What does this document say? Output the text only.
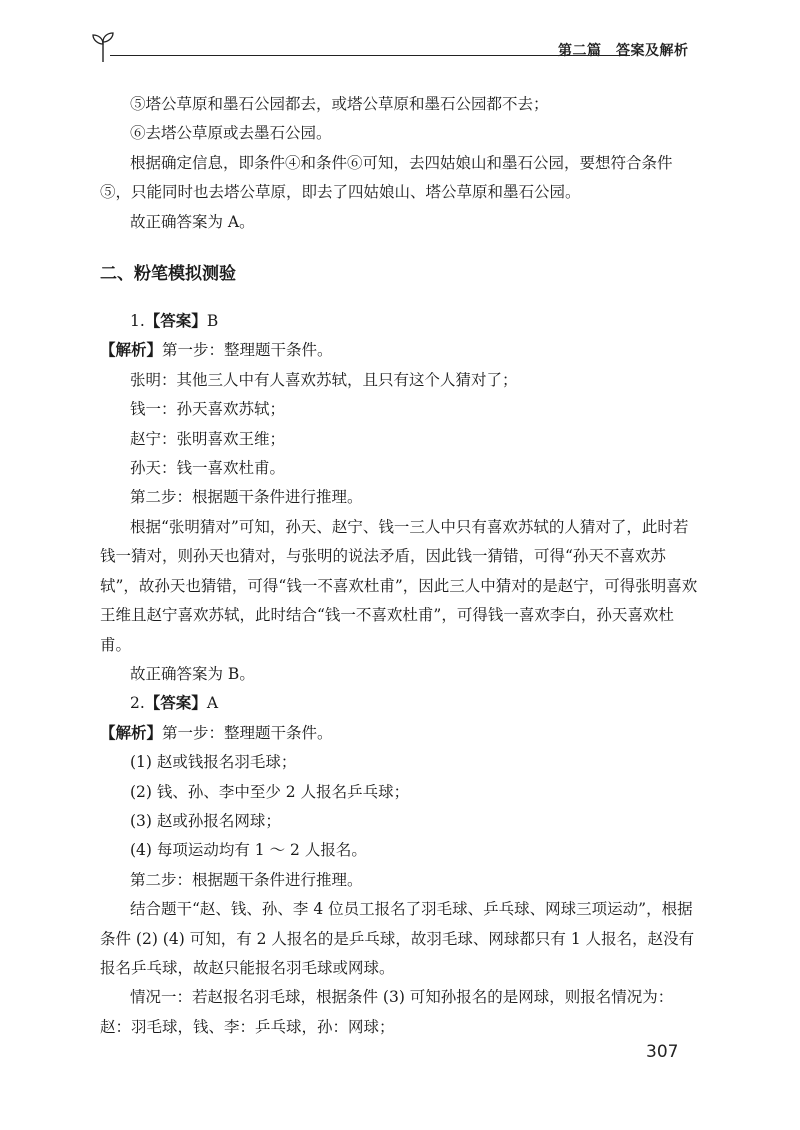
第二篇　答案及解析

⑤塔公草原和墨石公园都去，或塔公草原和墨石公园都不去；

⑥去塔公草原或去墨石公园。

根据确定信息，即条件④和条件⑥可知，去四姑娘山和墨石公园，要想符合条件⑤，只能同时也去塔公草原，即去了四姑娘山、塔公草原和墨石公园。

故正确答案为 A。

二、粉笔模拟测验

1.【答案】B

【解析】第一步：整理题干条件。

张明：其他三人中有人喜欢苏轼，且只有这个人猜对了；

钱一：孙天喜欢苏轼；

赵宁：张明喜欢王维；

孙天：钱一喜欢杜甫。

第二步：根据题干条件进行推理。

根据“张明猜对”可知，孙天、赵宁、钱一三人中只有喜欢苏轼的人猜对了，此时若钱一猜对，则孙天也猜对，与张明的说法矛盾，因此钱一猜错，可得“孙天不喜欢苏轼”，故孙天也猜错，可得“钱一不喜欢杜甫”，因此三人中猜对的是赵宁，可得张明喜欢王维且赵宁喜欢苏轼，此时结合“钱一不喜欢杜甫”，可得钱一喜欢李白，孙天喜欢杜甫。

故正确答案为 B。

2.【答案】A

【解析】第一步：整理题干条件。

(1) 赵或钱报名羽毛球；

(2) 钱、孙、李中至少 2 人报名乒乓球；

(3) 赵或孙报名网球；

(4) 每项运动均有 1 ～ 2 人报名。

第二步：根据题干条件进行推理。

结合题干“赵、钱、孙、李 4 位员工报名了羽毛球、乒乓球、网球三项运动”，根据条件 (2) (4) 可知，有 2 人报名的是乒乓球，故羽毛球、网球都只有 1 人报名，赵没有报名乒乓球，故赵只能报名羽毛球或网球。

情况一：若赵报名羽毛球，根据条件 (3) 可知孙报名的是网球，则报名情况为：赵：羽毛球，钱、李：乒乓球，孙：网球；

307
